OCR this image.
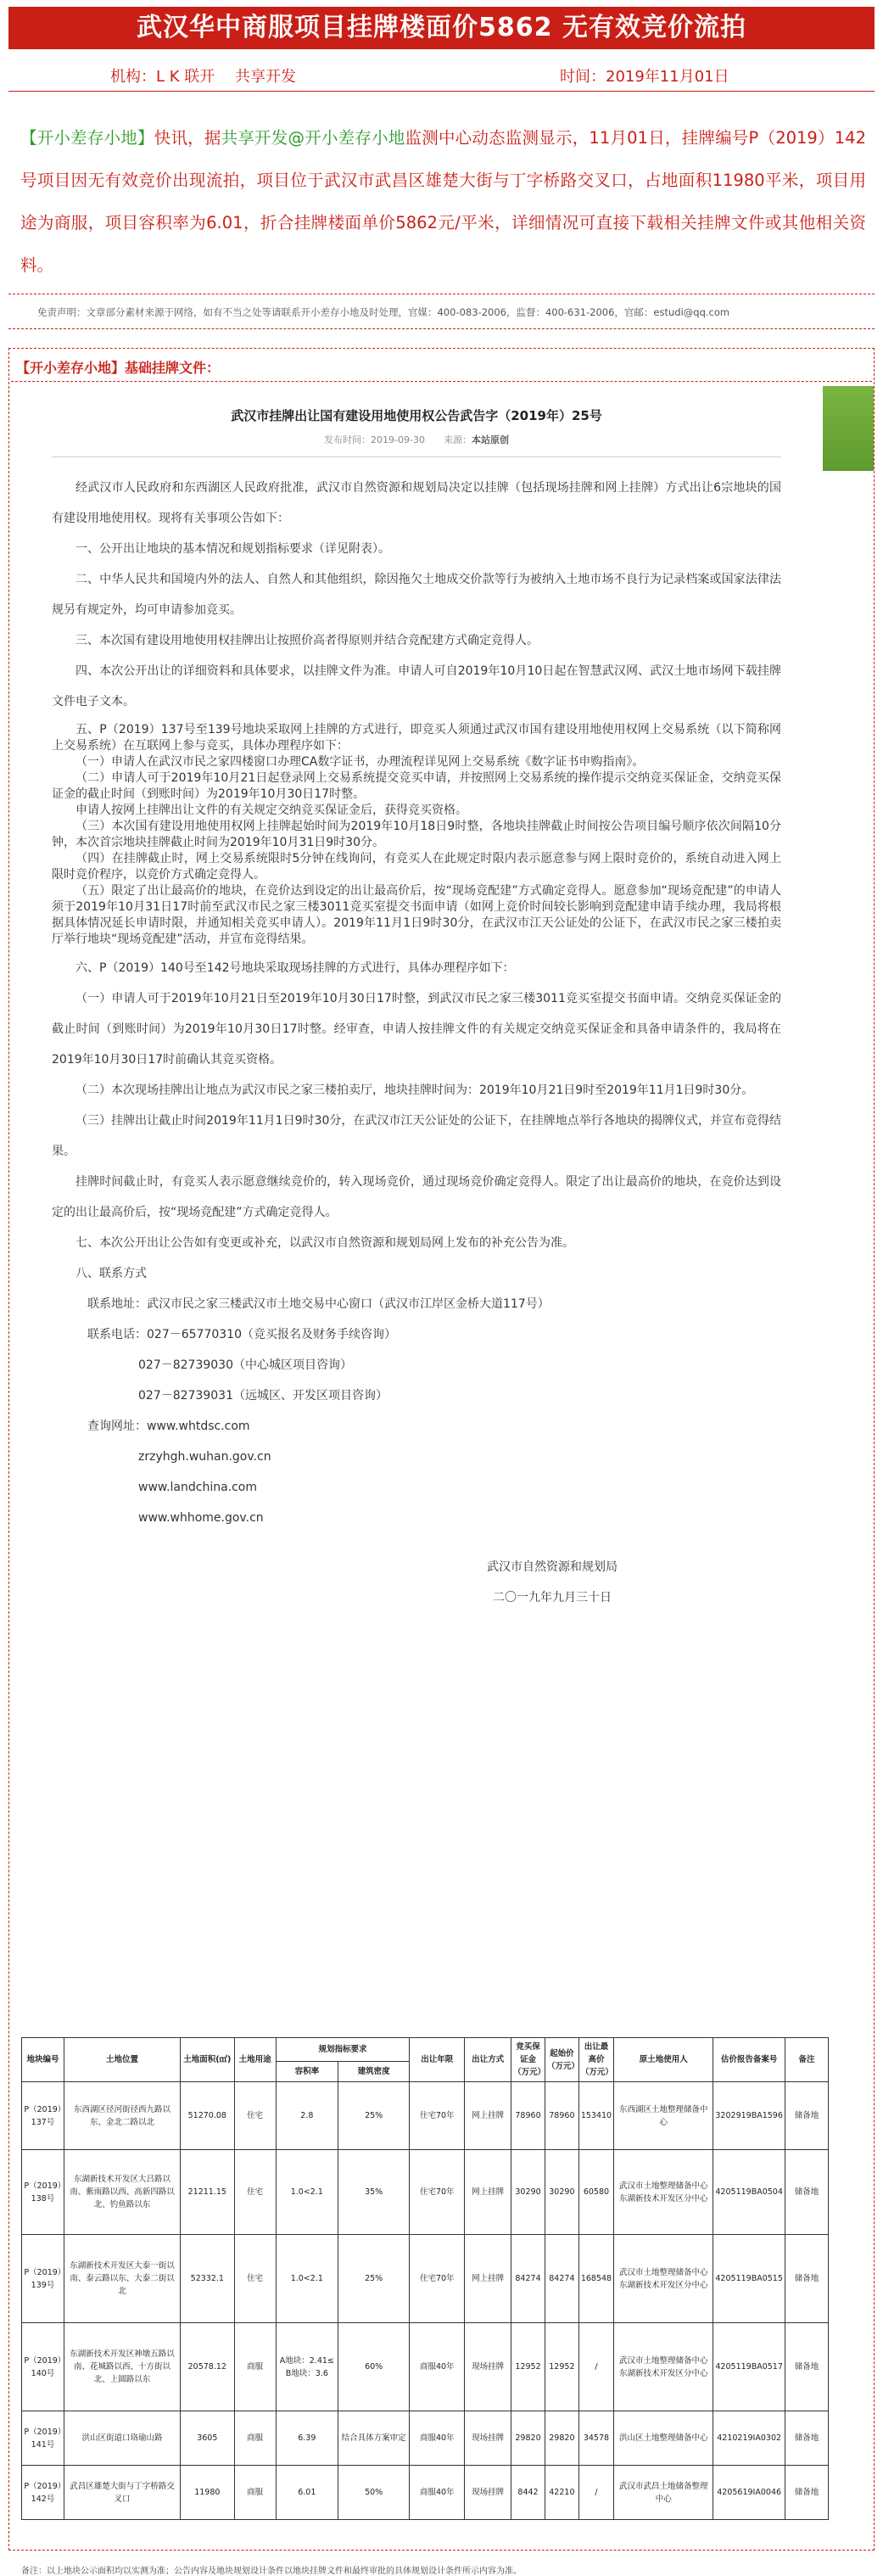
武汉华中商服项目挂牌楼面价5862 无有效竞价流拍
机构：L K 联开　 共享开发	时间：2019年11月01日
【开小差存小地】快讯，据共享开发@开小差存小地监测中心动态监测显示，11月01日，挂牌编号P（2019）142号项目因无有效竞价出现流拍，项目位于武汉市武昌区雄楚大街与丁字桥路交叉口，占地面积11980平米，项目用途为商服，项目容积率为6.01，折合挂牌楼面单价5862元/平米，详细情况可直接下载相关挂牌文件或其他相关资料。
免责声明：文章部分素材来源于网络，如有不当之处等请联系开小差存小地及时处理，官媒：400-083-2006，监督：400-631-2006，官邮：estudi@qq.com
【开小差存小地】基础挂牌文件：
武汉市挂牌出让国有建设用地使用权公告武告字（2019年）25号
发布时间：2019-09-30　　 来源：本站原创
经武汉市人民政府和东西湖区人民政府批准，武汉市自然资源和规划局决定以挂牌（包括现场挂牌和网上挂牌）方式出让6宗地块的国有建设用地使用权。现将有关事项公告如下：
一、公开出让地块的基本情况和规划指标要求（详见附表）。
二、中华人民共和国境内外的法人、自然人和其他组织，除因拖欠土地成交价款等行为被纳入土地市场不良行为记录档案或国家法律法规另有规定外，均可申请参加竞买。
三、本次国有建设用地使用权挂牌出让按照价高者得原则并结合竞配建方式确定竞得人。
四、本次公开出让的详细资料和具体要求，以挂牌文件为准。申请人可自2019年10月10日起在智慧武汉网、武汉土地市场网下载挂牌文件电子文本。
五、P（2019）137号至139号地块采取网上挂牌的方式进行，即竞买人须通过武汉市国有建设用地使用权网上交易系统（以下简称网上交易系统）在互联网上参与竞买，具体办理程序如下：
（一）申请人在武汉市民之家四楼窗口办理CA数字证书，办理流程详见网上交易系统《数字证书申购指南》。
（二）申请人可于2019年10月21日起登录网上交易系统提交竞买申请，并按照网上交易系统的操作提示交纳竞买保证金，交纳竞买保证金的截止时间（到账时间）为2019年10月30日17时整。
申请人按网上挂牌出让文件的有关规定交纳竞买保证金后，获得竞买资格。
（三）本次国有建设用地使用权网上挂牌起始时间为2019年10月18日9时整，各地块挂牌截止时间按公告项目编号顺序依次间隔10分钟，本次首宗地块挂牌截止时间为2019年10月31日9时30分。
（四）在挂牌截止时，网上交易系统限时5分钟在线询问，有竞买人在此规定时限内表示愿意参与网上限时竞价的，系统自动进入网上限时竞价程序，以竞价方式确定竞得人。
（五）限定了出让最高价的地块，在竞价达到设定的出让最高价后，按“现场竞配建”方式确定竞得人。愿意参加“现场竞配建”的申请人须于2019年10月31日17时前至武汉市民之家三楼3011竞买室提交书面申请（如网上竞价时间较长影响到竞配建申请手续办理，我局将根据具体情况延长申请时限，并通知相关竞买申请人）。2019年11月1日9时30分，在武汉市江天公证处的公证下，在武汉市民之家三楼拍卖厅举行地块“现场竞配建”活动，并宣布竞得结果。
六、P（2019）140号至142号地块采取现场挂牌的方式进行，具体办理程序如下：
（一）申请人可于2019年10月21日至2019年10月30日17时整，到武汉市民之家三楼3011竞买室提交书面申请。交纳竞买保证金的截止时间（到账时间）为2019年10月30日17时整。经审查，申请人按挂牌文件的有关规定交纳竞买保证金和具备申请条件的，我局将在2019年10月30日17时前确认其竞买资格。
（二）本次现场挂牌出让地点为武汉市民之家三楼拍卖厅，地块挂牌时间为：2019年10月21日9时至2019年11月1日9时30分。
（三）挂牌出让截止时间2019年11月1日9时30分，在武汉市江天公证处的公证下，在挂牌地点举行各地块的揭牌仪式，并宣布竞得结果。
挂牌时间截止时，有竞买人表示愿意继续竞价的，转入现场竞价，通过现场竞价确定竞得人。限定了出让最高价的地块，在竞价达到设定的出让最高价后，按“现场竞配建”方式确定竞得人。
七、本次公开出让公告如有变更或补充，以武汉市自然资源和规划局网上发布的补充公告为准。
八、联系方式
联系地址：武汉市民之家三楼武汉市土地交易中心窗口（武汉市江岸区金桥大道117号）
联系电话：027－65770310（竞买报名及财务手续咨询）
027－82739030（中心城区项目咨询）
027－82739031（远城区、开发区项目咨询）
查询网址：www.whtdsc.com
zrzyhgh.wuhan.gov.cn
www.landchina.com
www.whhome.gov.cn
武汉市自然资源和规划局
二〇一九年九月三十日
地块编号	土地位置	土地面积(㎡)	土地用途	规划指标要求		出让年限	出让方式	竞买保证金（万元）	起始价（万元）	出让最高价（万元）	原土地使用人	估价报告备案号	备注
				容积率	建筑密度								
P（2019）137号	东西湖区径河街径西九路以东、金北二路以北	51270.08	住宅	2.8	25%	住宅70年	网上挂牌	78960	78960	153410	东西湖区土地整理储备中心	3202919BA1596	储备地
P（2019）138号	东湖新技术开发区大吕路以南、紫雨路以西、高新四路以北、钓鱼路以东	21211.15	住宅	1.0<2.1	35%	住宅70年	网上挂牌	30290	30290	60580	武汉市土地整理储备中心东湖新技术开发区分中心	4205119BA0504	储备地
P（2019）139号	东湖新技术开发区大泰一街以南、泰云路以东、大泰二街以北	52332.1	住宅	1.0<2.1	25%	住宅70年	网上挂牌	84274	84274	168548	武汉市土地整理储备中心东湖新技术开发区分中心	4205119BA0515	储备地
P（2019）140号	东湖新技术开发区神墩五路以南、花城路以西、十方街以北、上圆路以东	20578.12	商服	A地块：2.41≤ B地块：3.6	60%	商服40年	现场挂牌	12952	12952	/	武汉市土地整理储备中心东湖新技术开发区分中心	4205119BA0517	储备地
P（2019）141号	洪山区街道口珞瑜山路	3605	商服	6.39	结合具体方案审定	商服40年	现场挂牌	29820	29820	34578	洪山区土地整理储备中心	4210219IA0302	储备地
P（2019）142号	武昌区雄楚大街与丁字桥路交叉口	11980	商服	6.01	50%	商服40年	现场挂牌	8442	42210	/	武汉市武昌土地储备整理中心	4205619IA0046	储备地
备注：以上地块公示面积均以实测为准；公告内容及地块规划设计条件以地块挂牌文件和最终审批的具体规划设计条件所示内容为准。
